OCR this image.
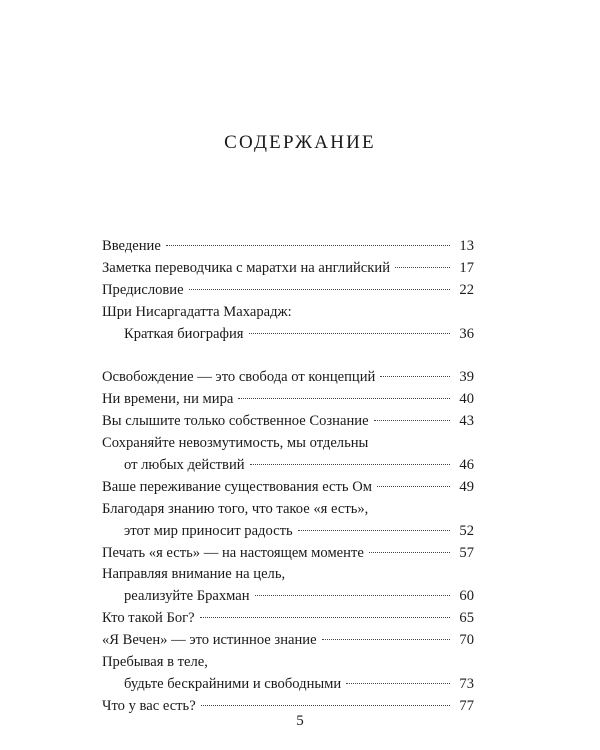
СОДЕРЖАНИЕ
Введение	13
Заметка переводчика с маратхи на английский	17
Предисловие	22
Шри Нисаргадатта Махарадж:
Краткая биография	36
Освобождение — это свобода от концепций	39
Ни времени, ни мира	40
Вы слышите только собственное Сознание	43
Сохраняйте невозмутимость, мы отдельны
от любых действий	46
Ваше переживание существования есть Ом	49
Благодаря знанию того, что такое «я есть»,
этот мир приносит радость	52
Печать «я есть» — на настоящем моменте	57
Направляя внимание на цель,
реализуйте Брахман	60
Кто такой Бог?	65
«Я Вечен» — это истинное знание	70
Пребывая в теле,
будьте бескрайними и свободными	73
Что у вас есть?	77
5
